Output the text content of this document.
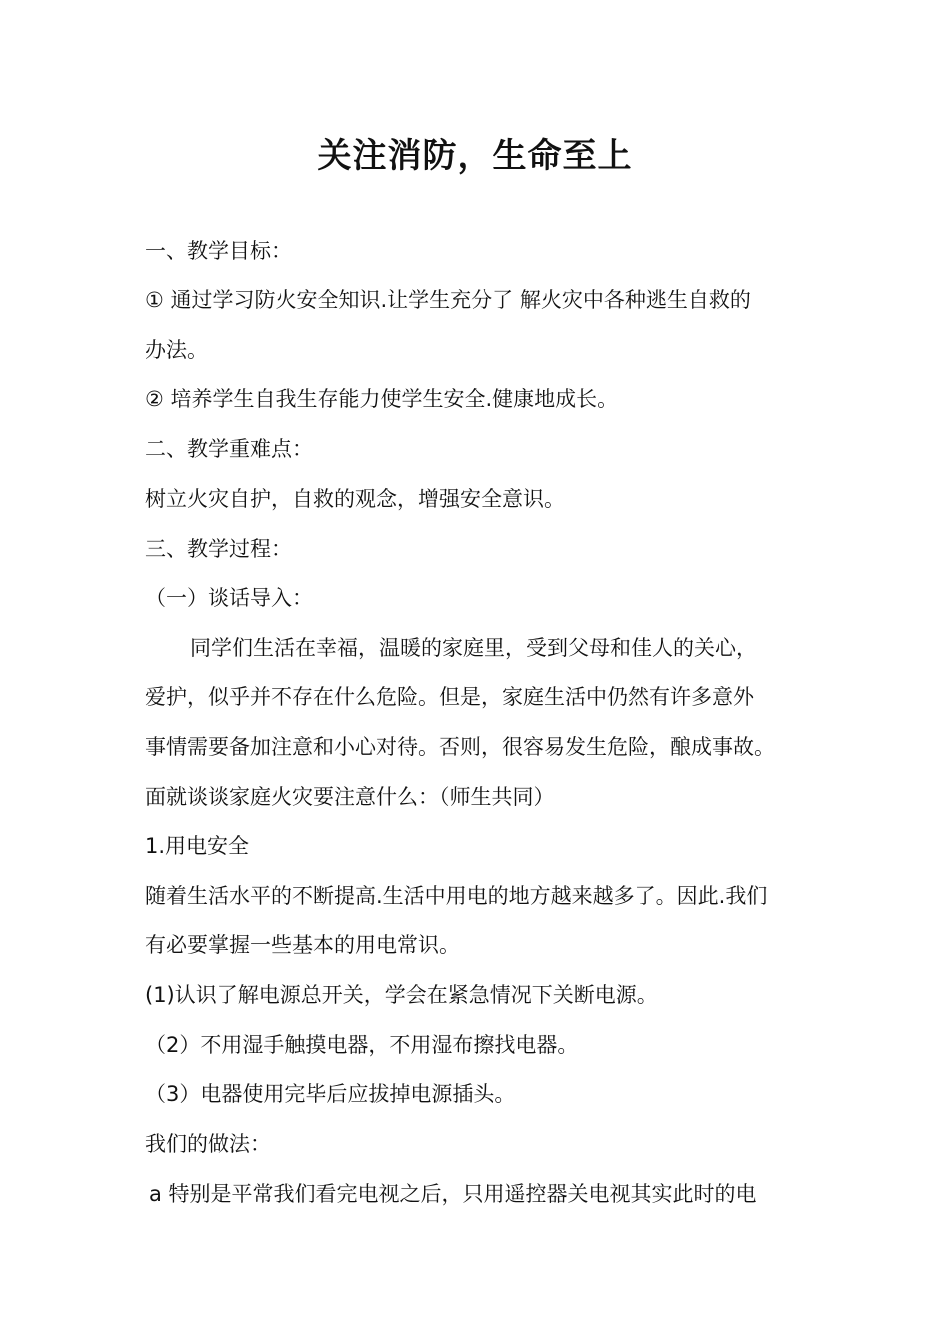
关注消防，生命至上
一、教学目标：
① 通过学习防火安全知识.让学生充分了 解火灾中各种逃生自救的
办法。
② 培养学生自我生存能力使学生安全.健康地成长。
二、教学重难点：
树立火灾自护，自救的观念，增强安全意识。
三、教学过程：
（一）谈话导入：
同学们生活在幸福，温暖的家庭里，受到父母和佳人的关心，
爱护，似乎并不存在什么危险。但是，家庭生活中仍然有许多意外
事情需要备加注意和小心对待。否则，很容易发生危险，酿成事故。
面就谈谈家庭火灾要注意什么：（师生共同）
1.用电安全
随着生活水平的不断提高.生活中用电的地方越来越多了。因此.我们
有必要掌握一些基本的用电常识。
(1)认识了解电源总开关，学会在紧急情况下关断电源。
（2）不用湿手触摸电器，不用湿布擦找电器。
（3）电器使用完毕后应拔掉电源插头。
我们的做法：
a 特别是平常我们看完电视之后，只用遥控器关电视其实此时的电
